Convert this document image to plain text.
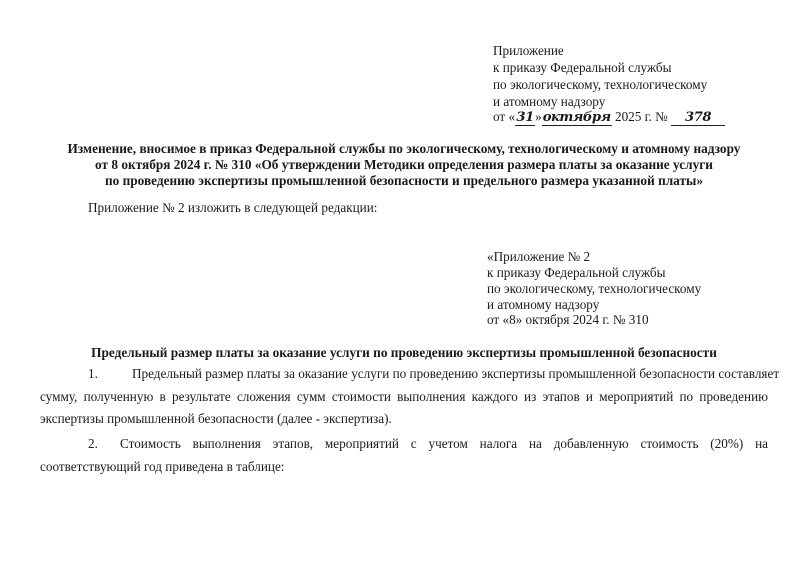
Приложение
к приказу Федеральной службы
по экологическому, технологическому
и атомному надзору
от «31»октября 2025 г. № 378
Изменение, вносимое в приказ Федеральной службы по экологическому, технологическому и атомному надзору
от 8 октября 2024 г. № 310 «Об утверждении Методики определения размера платы за оказание услуги
по проведению экспертизы промышленной безопасности и предельного размера указанной платы»
Приложение № 2 изложить в следующей редакции:
«Приложение № 2
к приказу Федеральной службы
по экологическому, технологическому
и атомному надзору
от «8» октября 2024 г. № 310
Предельный размер платы за оказание услуги по проведению экспертизы промышленной безопасности
1.	Предельный размер платы за оказание услуги по проведению экспертизы промышленной безопасности составляет
сумму, полученную в результате сложения сумм стоимости выполнения каждого из этапов и мероприятий по проведению
экспертизы промышленной безопасности (далее - экспертиза).
2. Стоимость выполнения этапов, мероприятий с учетом налога на добавленную стоимость (20%) на
соответствующий год приведена в таблице:
